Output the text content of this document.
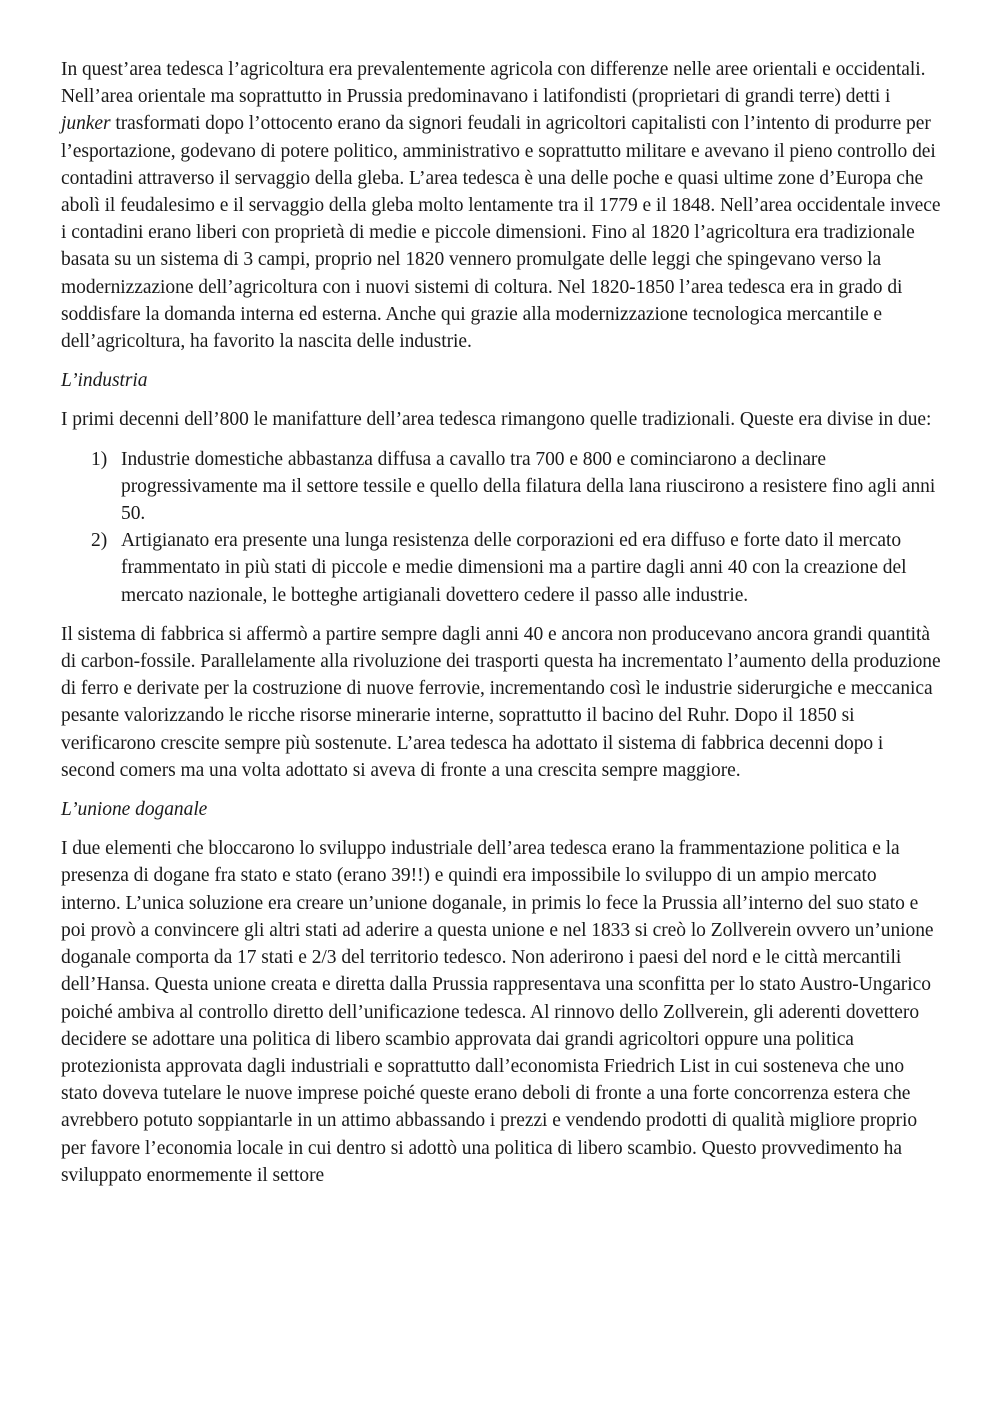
In quest’area tedesca l’agricoltura era prevalentemente agricola con differenze nelle aree orientali e occidentali. Nell’area orientale ma soprattutto in Prussia predominavano i latifondisti (proprietari di grandi terre) detti i junker trasformati dopo l’ottocento erano da signori feudali in agricoltori capitalisti con l’intento di produrre per l’esportazione, godevano di potere politico, amministrativo e soprattutto militare e avevano il pieno controllo dei contadini attraverso il servaggio della gleba. L’area tedesca è una delle poche e quasi ultime zone d’Europa che abolì il feudalesimo e il servaggio della gleba molto lentamente tra il 1779 e il 1848. Nell’area occidentale invece i contadini erano liberi con proprietà di medie e piccole dimensioni. Fino al 1820 l’agricoltura era tradizionale basata su un sistema di 3 campi, proprio nel 1820 vennero promulgate delle leggi che spingevano verso la modernizzazione dell’agricoltura con i nuovi sistemi di coltura. Nel 1820-1850 l’area tedesca era in grado di soddisfare la domanda interna ed esterna. Anche qui grazie alla modernizzazione tecnologica mercantile e dell’agricoltura, ha favorito la nascita delle industrie.

L’industria

I primi decenni dell’800 le manifatture dell’area tedesca rimangono quelle tradizionali. Queste era divise in due:

1) Industrie domestiche abbastanza diffusa a cavallo tra 700 e 800 e cominciarono a declinare progressivamente ma il settore tessile e quello della filatura della lana riuscirono a resistere fino agli anni 50.
2) Artigianato era presente una lunga resistenza delle corporazioni ed era diffuso e forte dato il mercato frammentato in più stati di piccole e medie dimensioni ma a partire dagli anni 40 con la creazione del mercato nazionale, le botteghe artigianali dovettero cedere il passo alle industrie.

Il sistema di fabbrica si affermò a partire sempre dagli anni 40 e ancora non producevano ancora grandi quantità di carbon-fossile. Parallelamente alla rivoluzione dei trasporti questa ha incrementato l’aumento della produzione di ferro e derivate per la costruzione di nuove ferrovie, incrementando così le industrie siderurgiche e meccanica pesante valorizzando le ricche risorse minerarie interne, soprattutto il bacino del Ruhr. Dopo il 1850 si verificarono crescite sempre più sostenute. L’area tedesca ha adottato il sistema di fabbrica decenni dopo i second comers ma una volta adottato si aveva di fronte a una crescita sempre maggiore.

L’unione doganale

I due elementi che bloccarono lo sviluppo industriale dell’area tedesca erano la frammentazione politica e la presenza di dogane fra stato e stato (erano 39!!) e quindi era impossibile lo sviluppo di un ampio mercato interno. L’unica soluzione era creare un’unione doganale, in primis lo fece la Prussia all’interno del suo stato e poi provò a convincere gli altri stati ad aderire a questa unione e nel 1833 si creò lo Zollverein ovvero un’unione doganale comporta da 17 stati e 2/3 del territorio tedesco. Non aderirono i paesi del nord e le città mercantili dell’Hansa. Questa unione creata e diretta dalla Prussia rappresentava una sconfitta per lo stato Austro-Ungarico poiché ambiva al controllo diretto dell’unificazione tedesca. Al rinnovo dello Zollverein, gli aderenti dovettero decidere se adottare una politica di libero scambio approvata dai grandi agricoltori oppure una politica protezionista approvata dagli industriali e soprattutto dall’economista Friedrich List in cui sosteneva che uno stato doveva tutelare le nuove imprese poiché queste erano deboli di fronte a una forte concorrenza estera che avrebbero potuto soppiantarle in un attimo abbassando i prezzi e vendendo prodotti di qualità migliore proprio per favore l’economia locale in cui dentro si adottò una politica di libero scambio. Questo provvedimento ha sviluppato enormemente il settore
